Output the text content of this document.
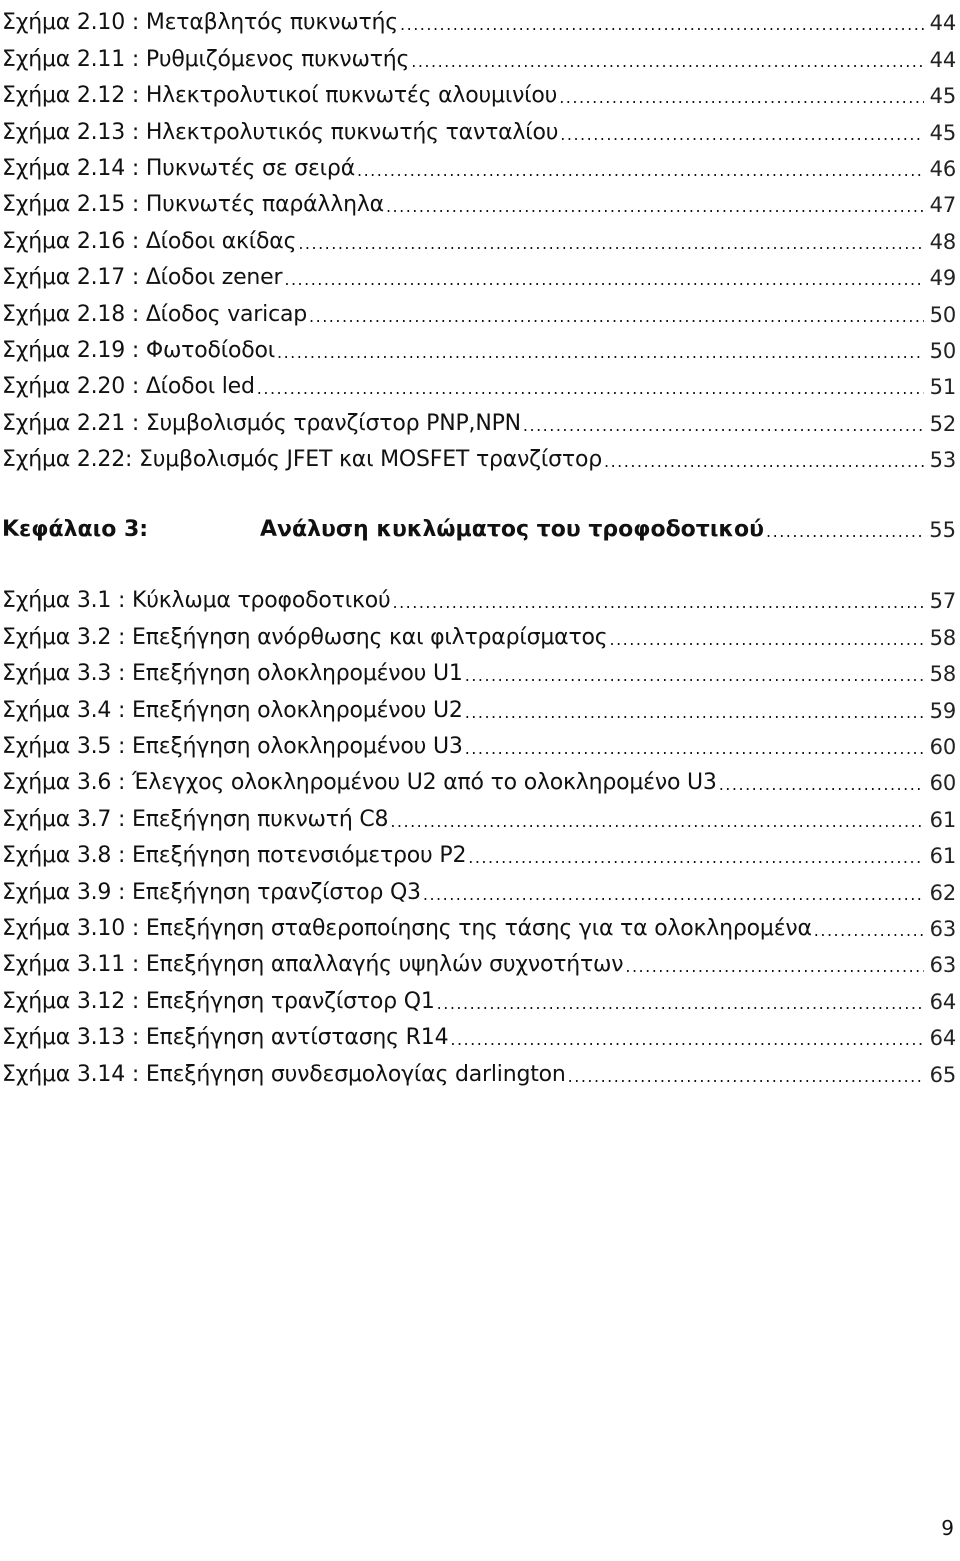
Σχήμα 2.10 : Μεταβλητός πυκνωτής .....	44
Σχήμα 2.11 : Ρυθμιζόμενος πυκνωτής .....	44
Σχήμα 2.12 : Ηλεκτρολυτικοί πυκνωτές αλουμινίου .....	45
Σχήμα 2.13 : Ηλεκτρολυτικός πυκνωτής τανταλίου .....	45
Σχήμα 2.14 : Πυκνωτές σε σειρά .....	46
Σχήμα 2.15 : Πυκνωτές παράλληλα .....	47
Σχήμα 2.16 : Δίοδοι ακίδας .....	48
Σχήμα 2.17 : Δίοδοι zener .....	49
Σχήμα 2.18 : Δίοδος varicap .....	50
Σχήμα 2.19 : Φωτοδίοδοι .....	50
Σχήμα 2.20 : Δίοδοι led .....	51
Σχήμα 2.21 : Συμβολισμός τρανζίστορ PNP,NPN .....	52
Σχήμα 2.22: Συμβολισμός JFET και MOSFET τρανζίστορ .....	53
Κεφάλαιο 3:	Ανάλυση κυκλώματος του τροφοδοτικού .....	55
Σχήμα 3.1 : Κύκλωμα τροφοδοτικού .....	57
Σχήμα 3.2 : Επεξήγηση ανόρθωσης και φιλτραρίσματος .....	58
Σχήμα 3.3 : Επεξήγηση ολοκληρομένου U1 .....	58
Σχήμα 3.4 : Επεξήγηση ολοκληρομένου U2 .....	59
Σχήμα 3.5 : Επεξήγηση ολοκληρομένου U3 .....	60
Σχήμα 3.6 : Έλεγχος ολοκληρομένου U2 από το ολοκληρομένο U3 .....	60
Σχήμα 3.7 : Επεξήγηση πυκνωτή C8 .....	61
Σχήμα 3.8 : Επεξήγηση ποτενσιόμετρου P2 .....	61
Σχήμα 3.9 : Επεξήγηση τρανζίστορ Q3 .....	62
Σχήμα 3.10 : Επεξήγηση σταθεροποίησης της τάσης για τα ολοκληρομένα .....	63
Σχήμα 3.11 : Επεξήγηση απαλλαγής υψηλών συχνοτήτων .....	63
Σχήμα 3.12 : Επεξήγηση τρανζίστορ Q1 .....	64
Σχήμα 3.13 : Επεξήγηση αντίστασης R14 .....	64
Σχήμα 3.14 : Επεξήγηση συνδεσμολογίας darlington .....	65
9
